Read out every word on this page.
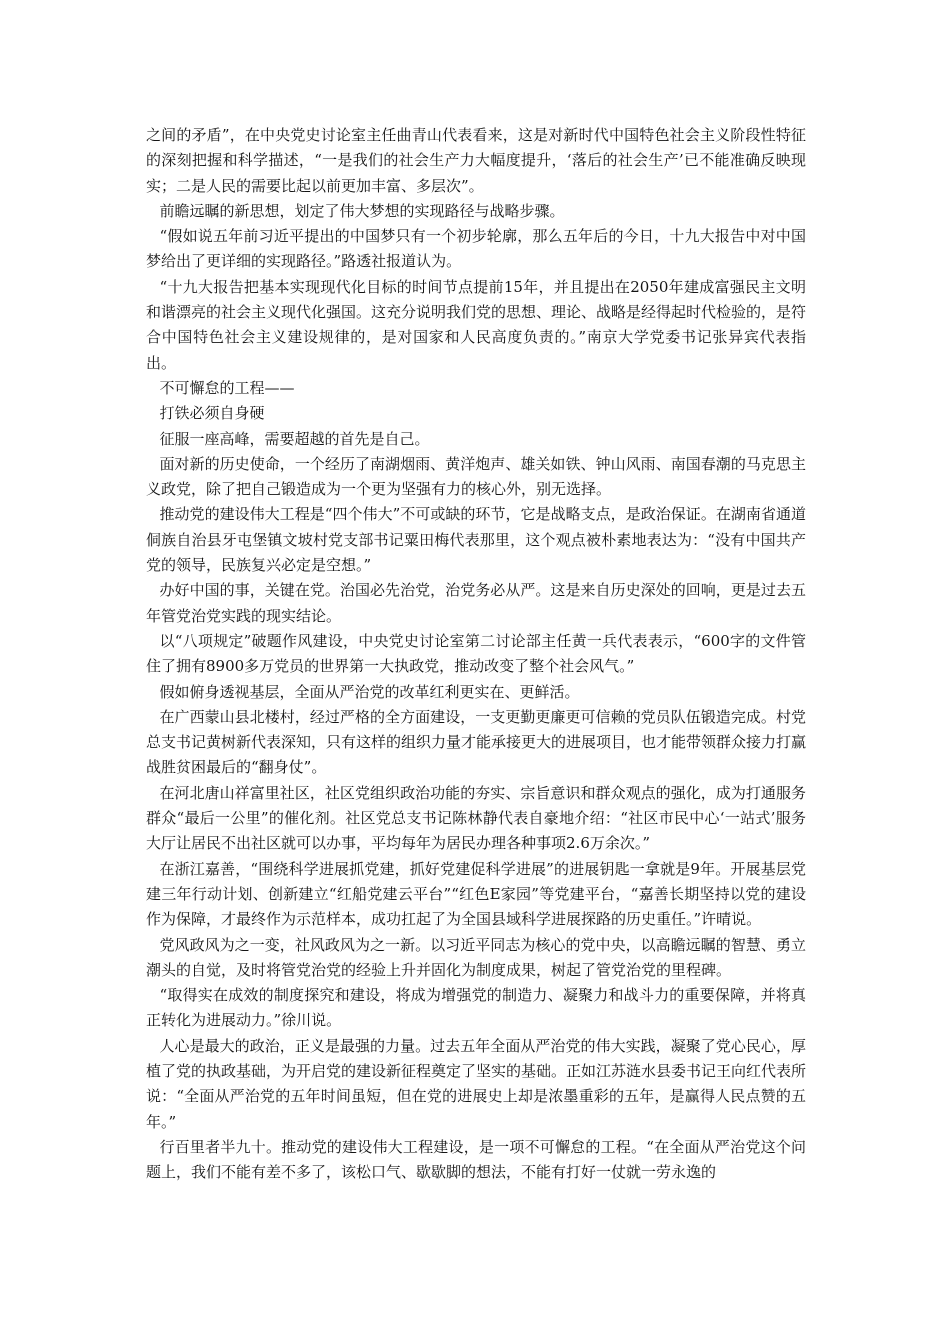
之间的矛盾”，在中央党史讨论室主任曲青山代表看来，这是对新时代中国特色社会主义阶段性特征的深刻把握和科学描述，“一是我们的社会生产力大幅度提升，‘落后的社会生产’已不能准确反映现实；二是人民的需要比起以前更加丰富、多层次”。

前瞻远瞩的新思想，划定了伟大梦想的实现路径与战略步骤。

“假如说五年前习近平提出的中国梦只有一个初步轮廓，那么五年后的今日，十九大报告中对中国梦给出了更详细的实现路径。”路透社报道认为。

“十九大报告把基本实现现代化目标的时间节点提前15年，并且提出在2050年建成富强民主文明和谐漂亮的社会主义现代化强国。这充分说明我们党的思想、理论、战略是经得起时代检验的，是符合中国特色社会主义建设规律的，是对国家和人民高度负责的。”南京大学党委书记张异宾代表指出。

不可懈怠的工程——

打铁必须自身硬

征服一座高峰，需要超越的首先是自己。

面对新的历史使命，一个经历了南湖烟雨、黄洋炮声、雄关如铁、钟山风雨、南国春潮的马克思主义政党，除了把自己锻造成为一个更为坚强有力的核心外，别无选择。

推动党的建设伟大工程是“四个伟大”不可或缺的环节，它是战略支点，是政治保证。在湖南省通道侗族自治县牙屯堡镇文坡村党支部书记粟田梅代表那里，这个观点被朴素地表达为：“没有中国共产党的领导，民族复兴必定是空想。”

办好中国的事，关键在党。治国必先治党，治党务必从严。这是来自历史深处的回响，更是过去五年管党治党实践的现实结论。

以“八项规定”破题作风建设，中央党史讨论室第二讨论部主任黄一兵代表表示，“600字的文件管住了拥有8900多万党员的世界第一大执政党，推动改变了整个社会风气。”

假如俯身透视基层，全面从严治党的改革红利更实在、更鲜活。

在广西蒙山县北楼村，经过严格的全方面建设，一支更勤更廉更可信赖的党员队伍锻造完成。村党总支书记黄树新代表深知，只有这样的组织力量才能承接更大的进展项目，也才能带领群众接力打赢战胜贫困最后的“翻身仗”。

在河北唐山祥富里社区，社区党组织政治功能的夯实、宗旨意识和群众观点的强化，成为打通服务群众“最后一公里”的催化剂。社区党总支书记陈林静代表自豪地介绍：“社区市民中心‘一站式’服务大厅让居民不出社区就可以办事，平均每年为居民办理各种事项2.6万余次。”

在浙江嘉善，“围绕科学进展抓党建，抓好党建促科学进展”的进展钥匙一拿就是9年。开展基层党建三年行动计划、创新建立“红船党建云平台”“红色E家园”等党建平台，“嘉善长期坚持以党的建设作为保障，才最终作为示范样本，成功扛起了为全国县域科学进展探路的历史重任。”许晴说。

党风政风为之一变，社风政风为之一新。以习近平同志为核心的党中央，以高瞻远瞩的智慧、勇立潮头的自觉，及时将管党治党的经验上升并固化为制度成果，树起了管党治党的里程碑。

“取得实在成效的制度探究和建设，将成为增强党的制造力、凝聚力和战斗力的重要保障，并将真正转化为进展动力。”徐川说。

人心是最大的政治，正义是最强的力量。过去五年全面从严治党的伟大实践，凝聚了党心民心，厚植了党的执政基础，为开启党的建设新征程奠定了坚实的基础。正如江苏涟水县委书记王向红代表所说：“全面从严治党的五年时间虽短，但在党的进展史上却是浓墨重彩的五年，是赢得人民点赞的五年。”

行百里者半九十。推动党的建设伟大工程建设，是一项不可懈怠的工程。“在全面从严治党这个问题上，我们不能有差不多了，该松口气、歇歇脚的想法，不能有打好一仗就一劳永逸的
